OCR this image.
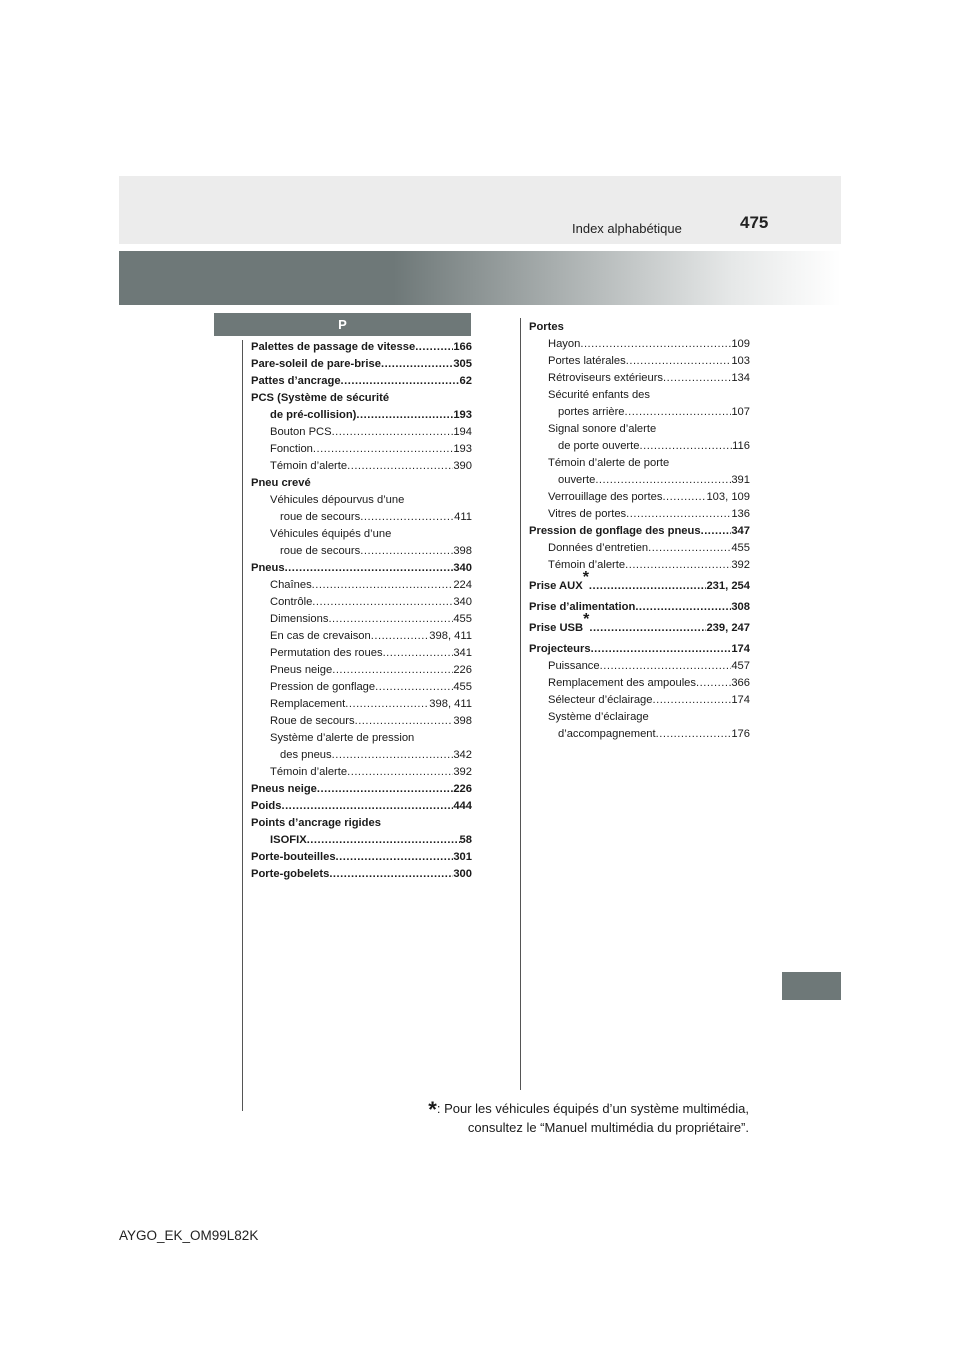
475
Index alphabétique
P
Palettes de passage de vitesse .....	166
Pare-soleil de pare-brise .....	305
Pattes d’ancrage .....	62
PCS (Système de sécurité
de pré-collision) .....	193
Bouton PCS .....	194
Fonction .....	193
Témoin d’alerte .....	390
Pneu crevé
Véhicules dépourvus d’une
roue de secours .....	411
Véhicules équipés d’une
roue de secours .....	398
Pneus .....	340
Chaînes .....	224
Contrôle .....	340
Dimensions .....	455
En cas de crevaison .....	398, 411
Permutation des roues .....	341
Pneus neige .....	226
Pression de gonflage .....	455
Remplacement .....	398, 411
Roue de secours .....	398
Système d’alerte de pression
des pneus .....	342
Témoin d’alerte .....	392
Pneus neige .....	226
Poids .....	444
Points d’ancrage rigides
ISOFIX .....	58
Porte-bouteilles .....	301
Porte-gobelets .....	300
Portes
Hayon .....	109
Portes latérales .....	103
Rétroviseurs extérieurs .....	134
Sécurité enfants des
portes arrière .....	107
Signal sonore d’alerte
de porte ouverte .....	116
Témoin d’alerte de porte
ouverte .....	391
Verrouillage des portes .....	103, 109
Vitres de portes .....	136
Pression de gonflage des pneus .....	347
Données d’entretien .....	455
Témoin d’alerte .....	392
Prise AUX * .....	231, 254
Prise d’alimentation .....	308
Prise USB * .....	239, 247
Projecteurs .....	174
Puissance .....	457
Remplacement des ampoules .....	366
Sélecteur d’éclairage .....	174
Système d’éclairage
d’accompagnement .....	176
*: Pour les véhicules équipés d’un système multimédia,
consultez le “Manuel multimédia du propriétaire”.
AYGO_EK_OM99L82K
